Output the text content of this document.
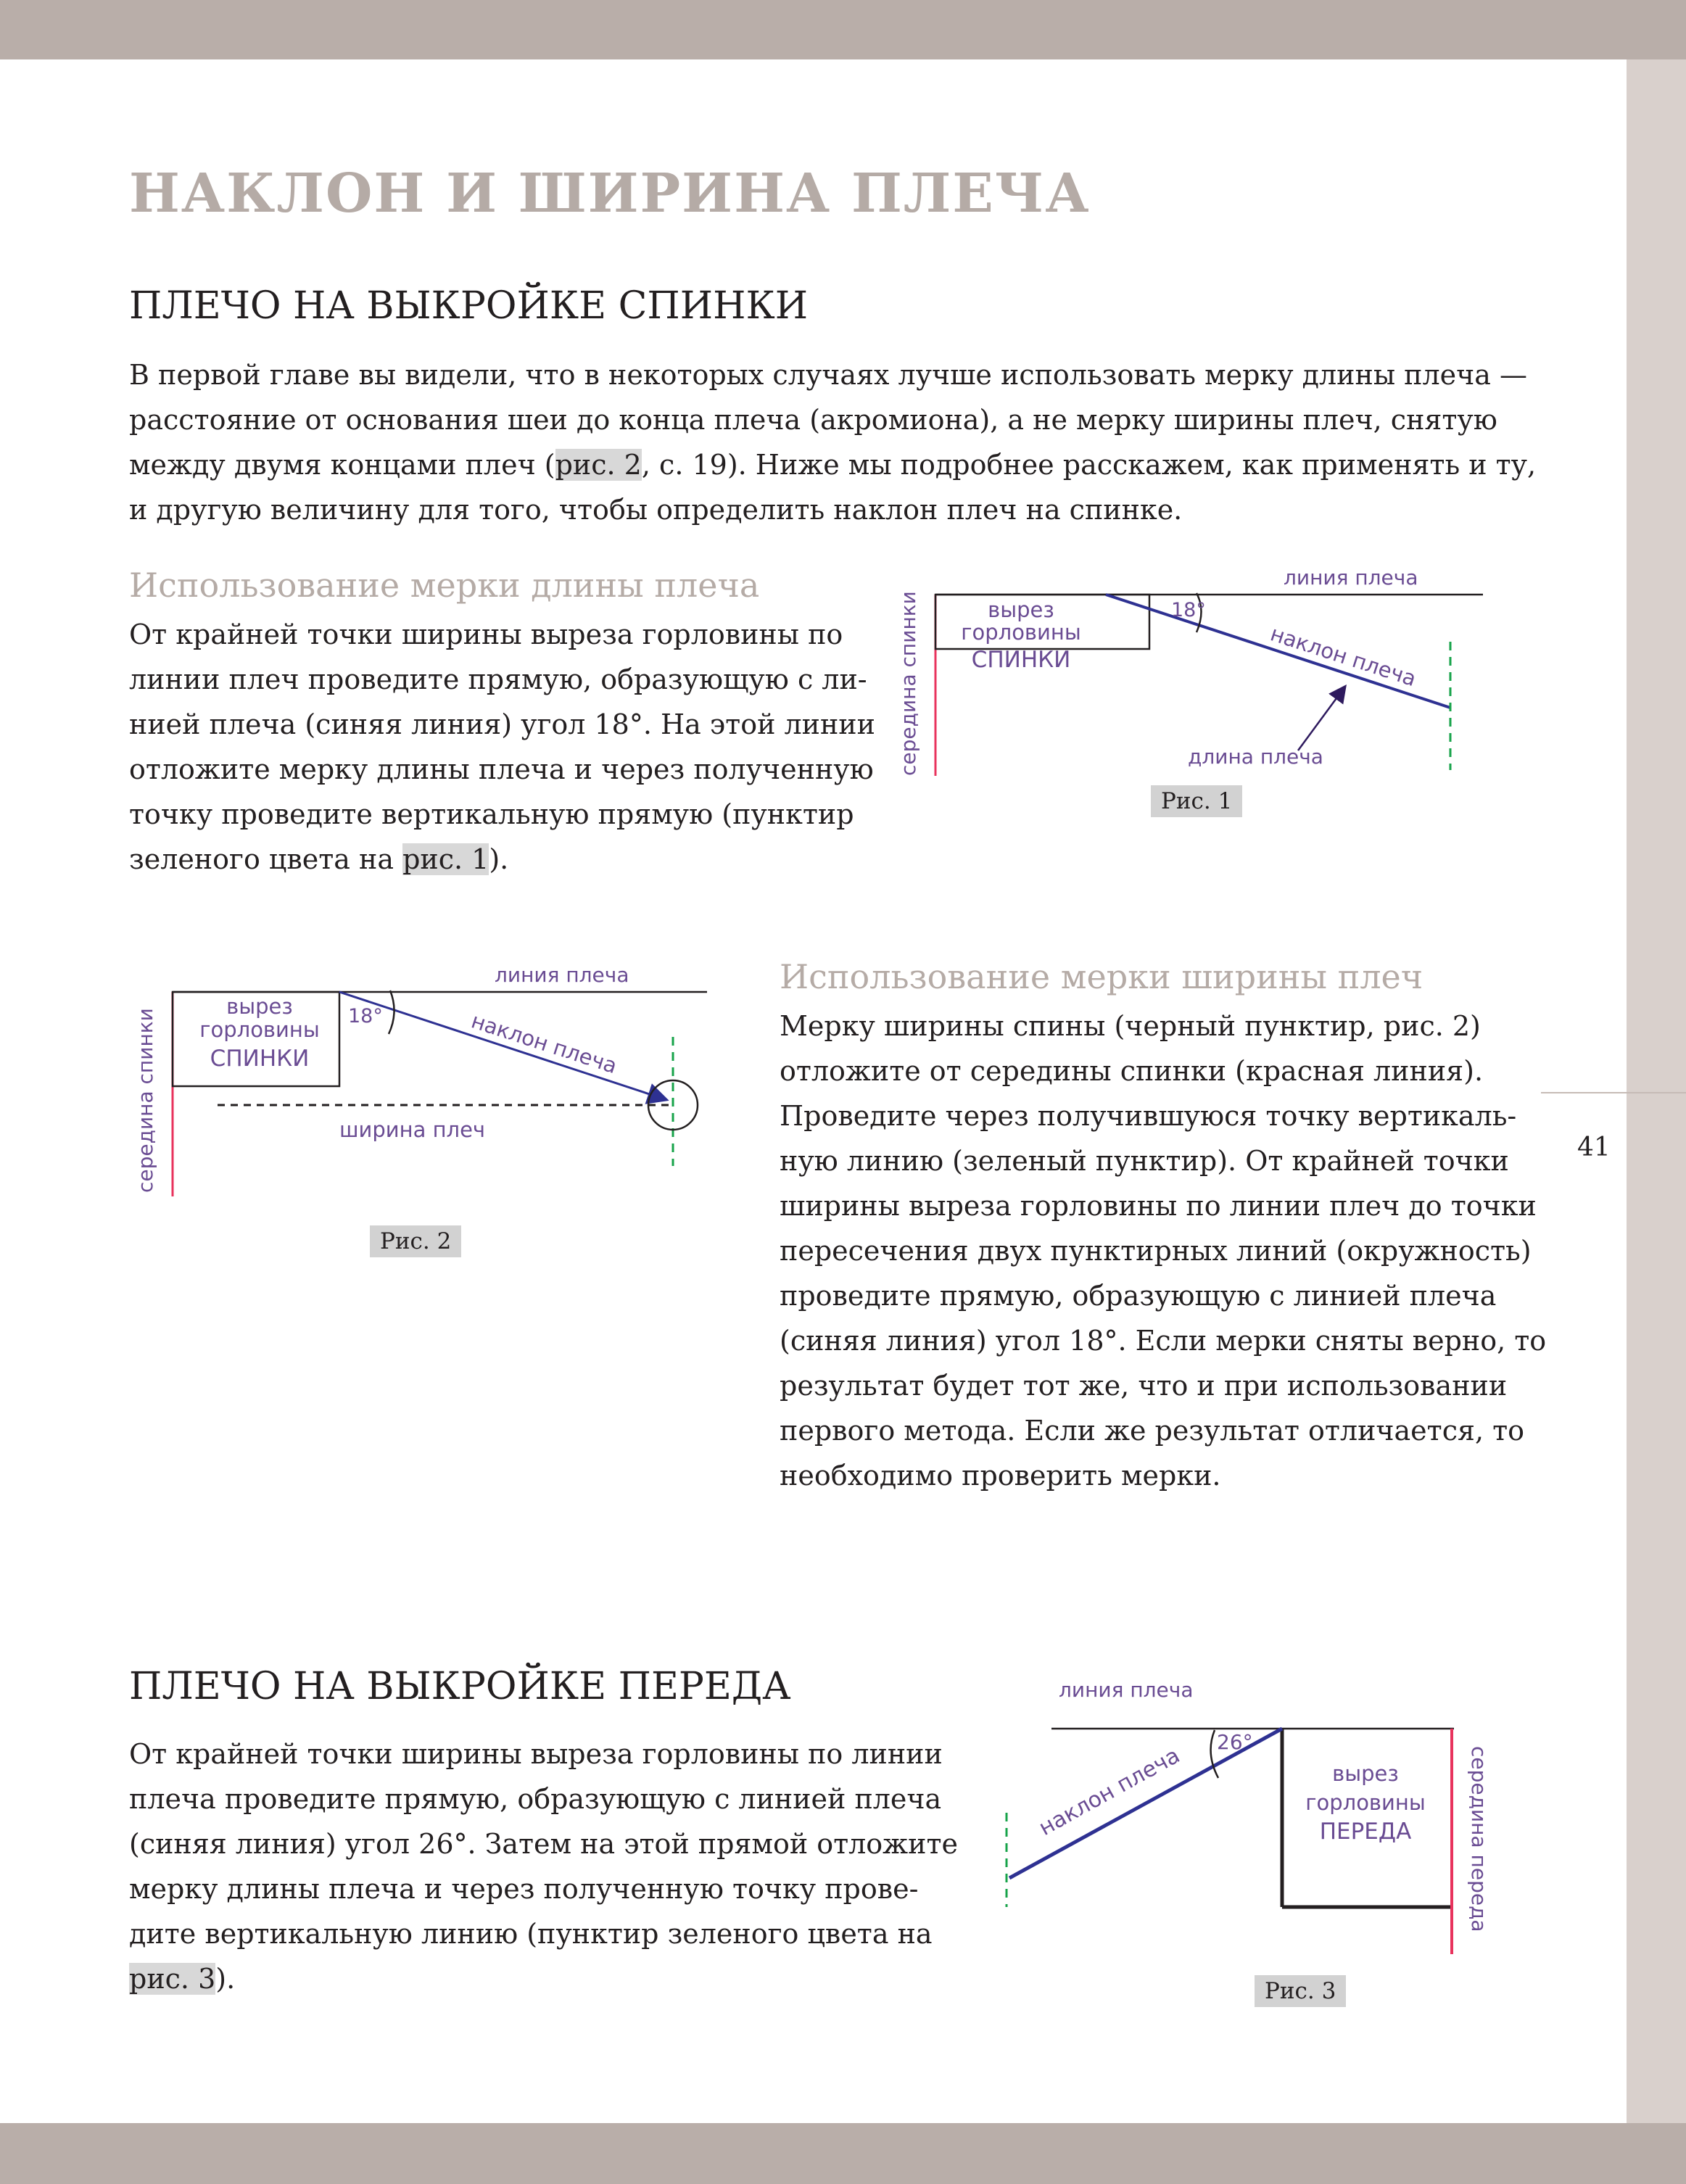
41
НАКЛОН И ШИРИНА ПЛЕЧА
ПЛЕЧО НА ВЫКРОЙКЕ СПИНКИ

В первой главе вы видели, что в некоторых случаях лучше использовать мерку длины плеча —

расстояние от основания шеи до конца плеча (акромиона), а не мерку ширины плеч, снятую

между двумя концами плеч (рис. 2, с. 19). Ниже мы подробнее расскажем, как применять и ту,

и другую величину для того, чтобы определить наклон плеч на спинке.

Использование мерки длины плеча

От крайней точки ширины выреза горловины по

линии плеч проведите прямую, образующую с ли-

нией плеча (синяя линия) угол 18°. На этой линии

отложите мерку длины плеча и через полученную

точку проведите вертикальную прямую (пунктир

зеленого цвета на рис. 1).

середина спинки	вырез
горловины
СПИНКИ
линия плеча
18°
наклон плеча
длина плеча
Рис. 1
середина спинки
вырез
горловины
СПИНКИ
линия плеча
18°	наклон плеча
ширина плеч
Рис. 2
Использование мерки ширины плеч

Мерку ширины спины (черный пунктир, рис. 2)

отложите от середины спинки (красная линия).

Проведите через получившуюся точку вертикаль-

ную линию (зеленый пунктир). От крайней точки

ширины выреза горловины по линии плеч до точки

пересечения двух пунктирных линий (окружность)

проведите прямую, образующую с линией плеча

(синяя линия) угол 18°. Если мерки сняты верно, то

результат будет тот же, что и при использовании

первого метода. Если же результат отличается, то

необходимо проверить мерки.

ПЛЕЧО НА ВЫКРОЙКЕ ПЕРЕДА

От крайней точки ширины выреза горловины по линии

плеча проведите прямую, образующую с линией плеча

(синяя линия) угол 26°. Затем на этой прямой отложите

мерку длины плеча и через полученную точку прове-

дите вертикальную линию (пунктир зеленого цвета на

рис. 3).

линия плеча
26°
наклон плеча	вырез
горловины
ПЕРЕДА	середина переда
Рис. 3
